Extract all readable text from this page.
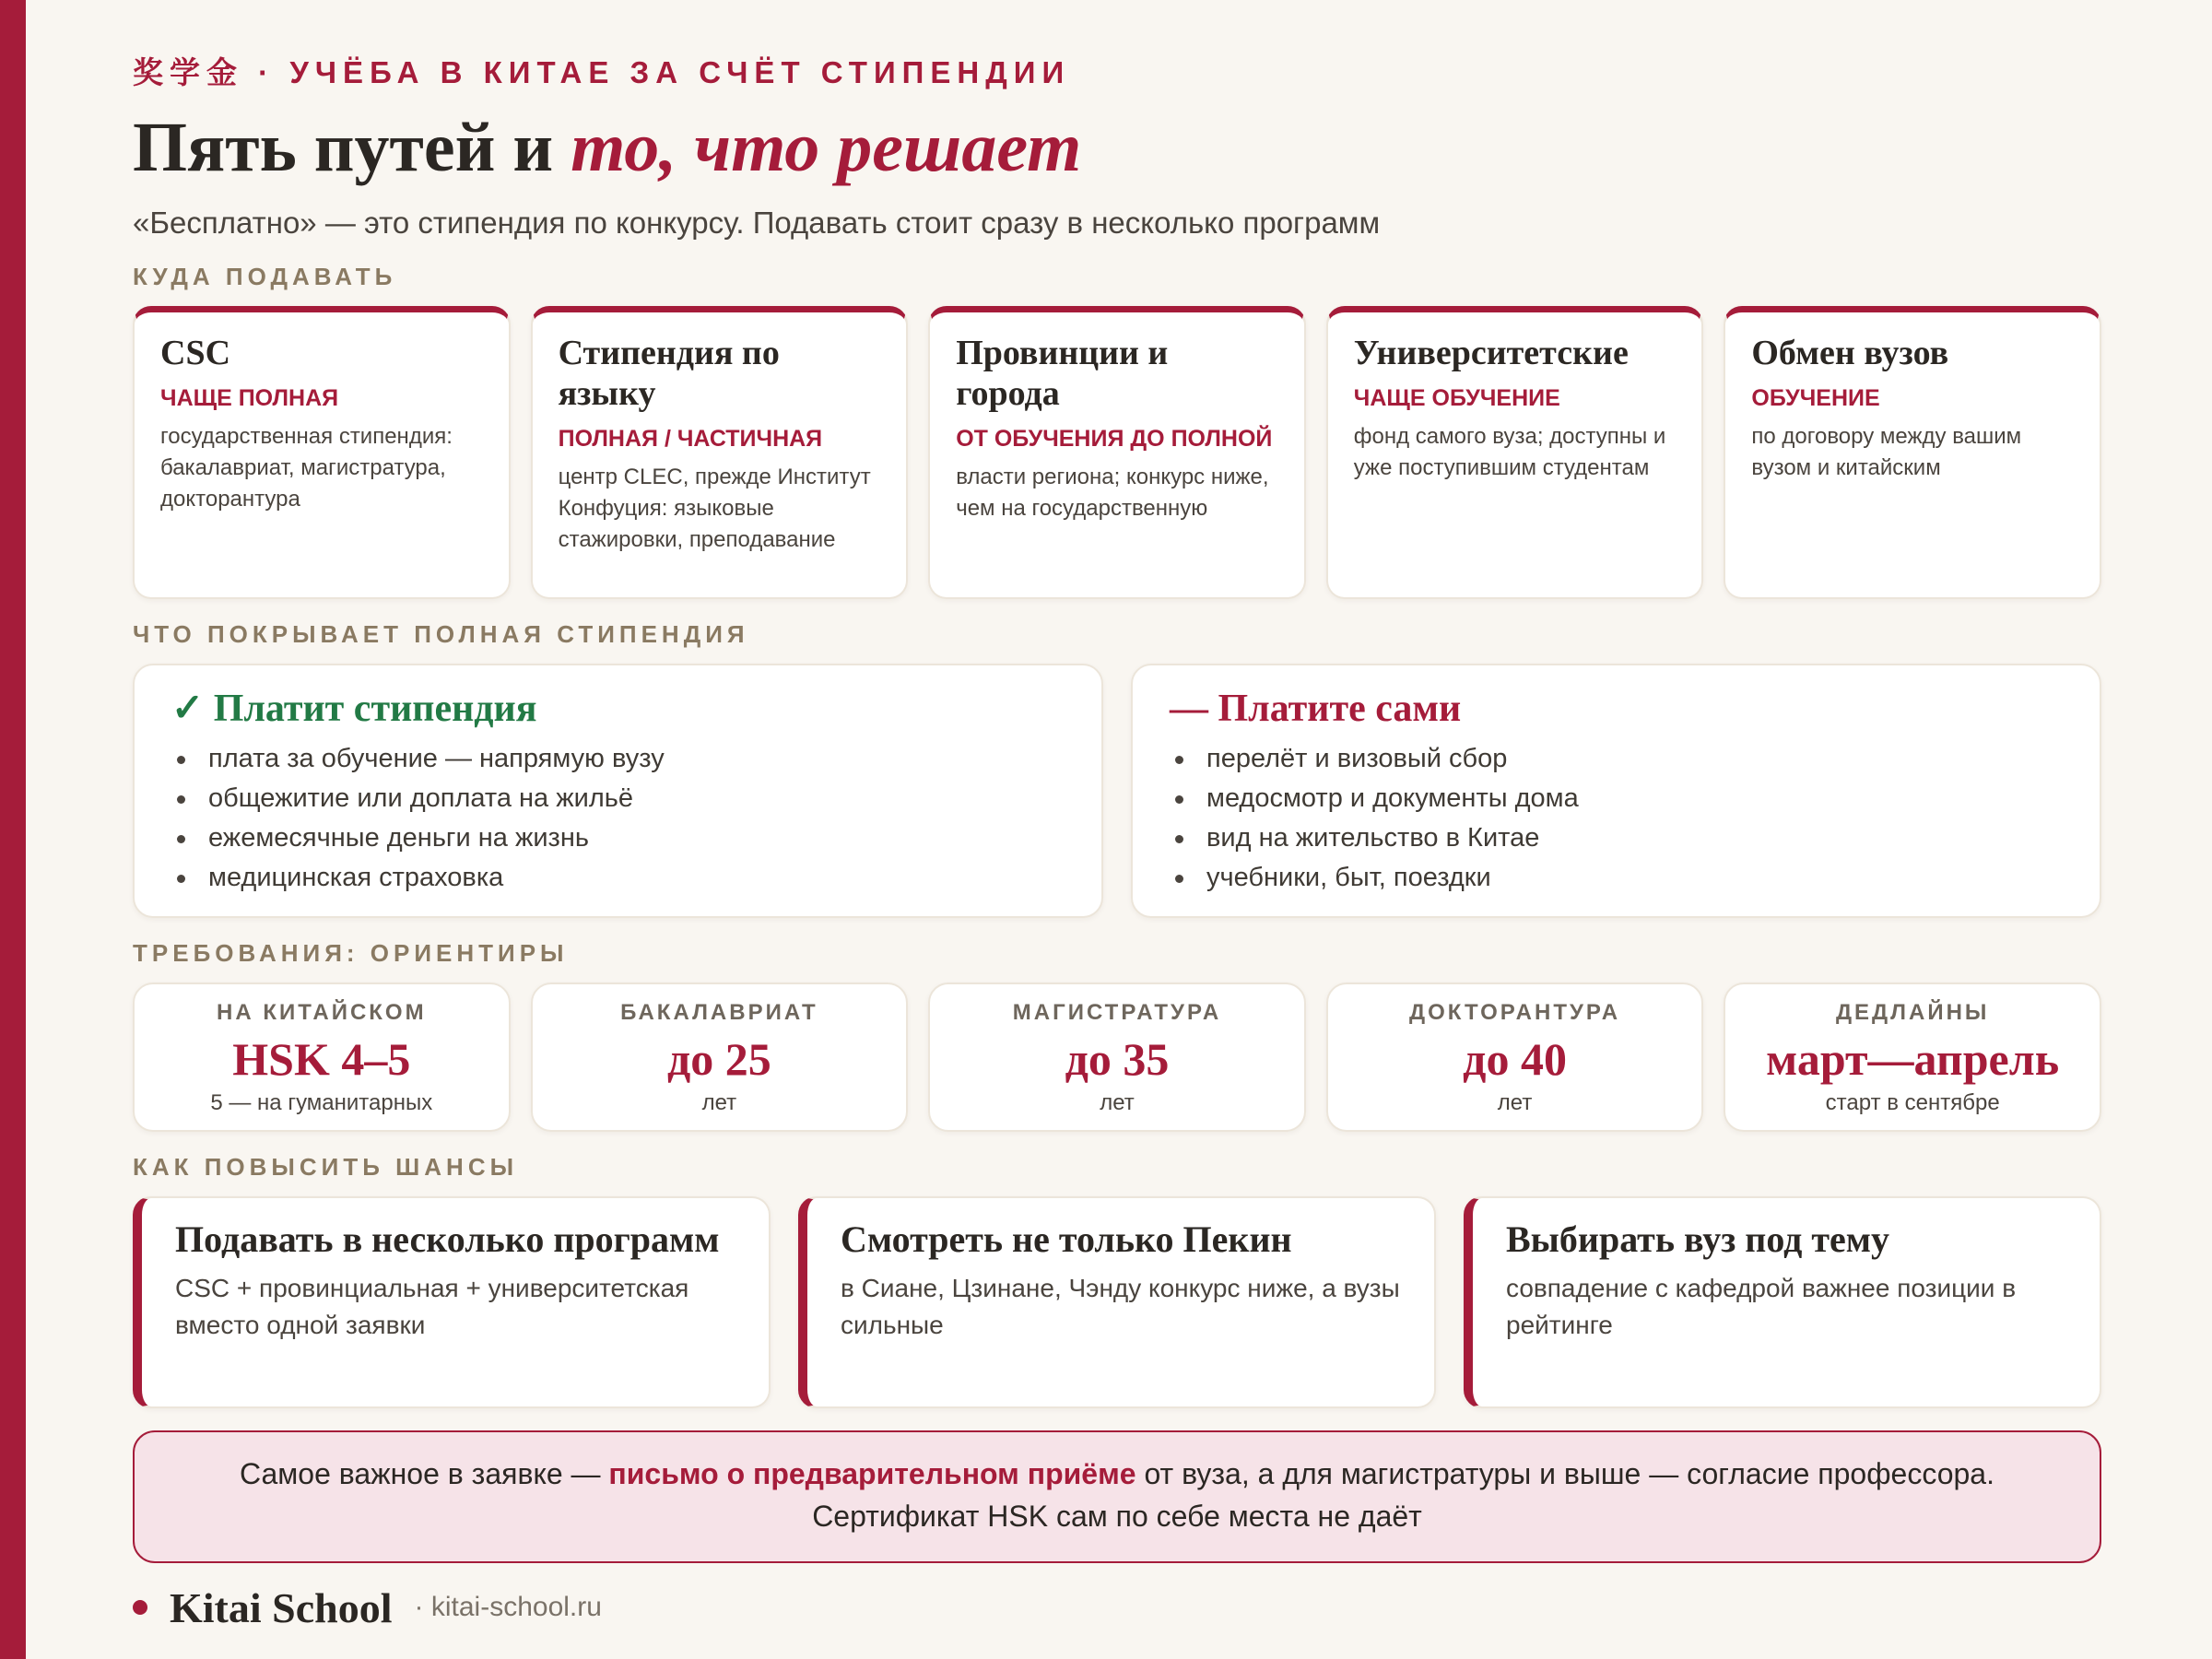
奖学金 · УЧЁБА В КИТАЕ ЗА СЧЁТ СТИПЕНДИИ
Пять путей и то, что решает
«Бесплатно» — это стипендия по конкурсу. Подавать стоит сразу в несколько программ
КУДА ПОДАВАТЬ
CSC
ЧАЩЕ ПОЛНАЯ
государственная стипендия: бакалавриат, магистратура, докторантура
Стипендия по языку
ПОЛНАЯ / ЧАСТИЧНАЯ
центр CLEC, прежде Институт Конфуция: языковые стажировки, преподавание
Провинции и города
ОТ ОБУЧЕНИЯ ДО ПОЛНОЙ
власти региона; конкурс ниже, чем на государственную
Университетские
ЧАЩЕ ОБУЧЕНИЕ
фонд самого вуза; доступны и уже поступившим студентам
Обмен вузов
ОБУЧЕНИЕ
по договору между вашим вузом и китайским
ЧТО ПОКРЫВАЕТ ПОЛНАЯ СТИПЕНДИЯ
✓ Платит стипендия
плата за обучение — напрямую вузу
общежитие или доплата на жильё
ежемесячные деньги на жизнь
медицинская страховка
— Платите сами
перелёт и визовый сбор
медосмотр и документы дома
вид на жительство в Китае
учебники, быт, поездки
ТРЕБОВАНИЯ: ОРИЕНТИРЫ
НА КИТАЙСКОМ
HSK 4–5
5 — на гуманитарных
БАКАЛАВРИАТ
до 25
лет
МАГИСТРАТУРА
до 35
лет
ДОКТОРАНТУРА
до 40
лет
ДЕДЛАЙНЫ
март—апрель
старт в сентябре
КАК ПОВЫСИТЬ ШАНСЫ
Подавать в несколько программ
CSC + провинциальная + университетская вместо одной заявки
Смотреть не только Пекин
в Сиане, Цзинане, Чэнду конкурс ниже, а вузы сильные
Выбирать вуз под тему
совпадение с кафедрой важнее позиции в рейтинге
Самое важное в заявке — письмо о предварительном приёме от вуза, а для магистратуры и выше — согласие профессора.
Сертификат HSK сам по себе места не даёт
Kitai School · kitai-school.ru
